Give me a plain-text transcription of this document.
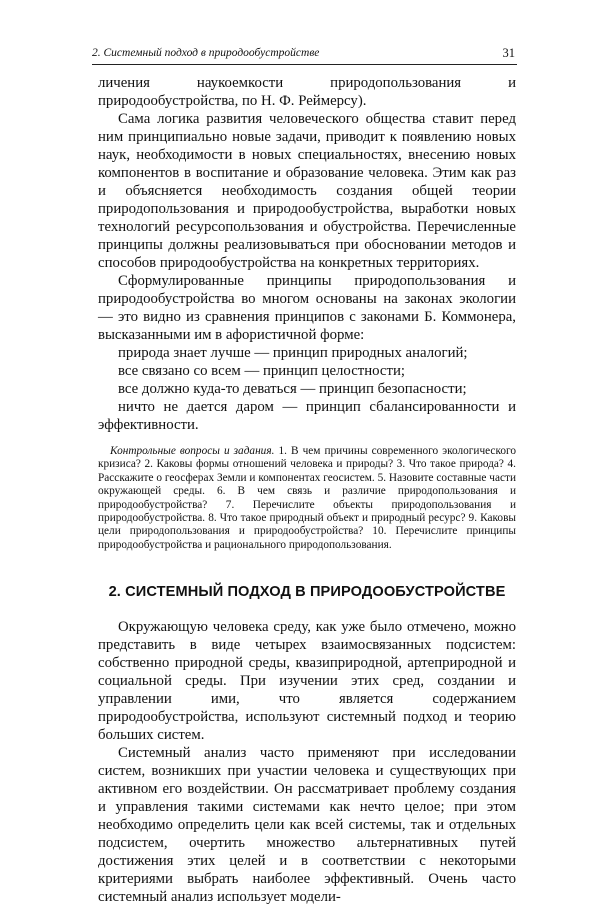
2. Системный подход в природообустройстве	31

личения наукоемкости природопользования и природообустройства, по Н. Ф. Реймерсу).

Сама логика развития человеческого общества ставит перед ним принципиально новые задачи, приводит к появлению новых наук, необходимости в новых специальностях, внесению новых компонентов в воспитание и образование человека. Этим как раз и объясняется необходимость создания общей теории природопользования и природообустройства, выработки новых технологий ресурсопользования и обустройства. Перечисленные принципы должны реализовываться при обосновании методов и способов природообустройства на конкретных территориях.

Сформулированные принципы природопользования и природообустройства во многом основаны на законах экологии — это видно из сравнения принципов с законами Б. Коммонера, высказанными им в афористичной форме:

природа знает лучше — принцип природных аналогий;
все связано со всем — принцип целостности;
все должно куда-то деваться — принцип безопасности;

ничто не дается даром — принцип сбалансированности и эффективности.

Контрольные вопросы и задания. 1. В чем причины современного экологического кризиса? 2. Каковы формы отношений человека и природы? 3. Что такое природа? 4. Расскажите о геосферах Земли и компонентах геосистем. 5. Назовите составные части окружающей среды. 6. В чем связь и различие природопользования и природообустройства? 7. Перечислите объекты природопользования и природообустройства. 8. Что такое природный объект и природный ресурс? 9. Каковы цели природопользования и природообустройства? 10. Перечислите принципы природообустройства и рационального природопользования.
2. СИСТЕМНЫЙ ПОДХОД В ПРИРОДООБУСТРОЙСТВЕ

Окружающую человека среду, как уже было отмечено, можно представить в виде четырех взаимосвязанных подсистем: собственно природной среды, квазиприродной, артеприродной и социальной среды. При изучении этих сред, создании и управлении ими, что является содержанием природообустройства, используют системный подход и теорию больших систем.

Системный анализ часто применяют при исследовании систем, возникших при участии человека и существующих при активном его воздействии. Он рассматривает проблему создания и управления такими системами как нечто целое; при этом необходимо определить цели как всей системы, так и отдельных подсистем, очертить множество альтернативных путей достижения этих целей и в соответствии с некоторыми критериями выбрать наиболее эффективный. Очень часто системный анализ использует модели-
